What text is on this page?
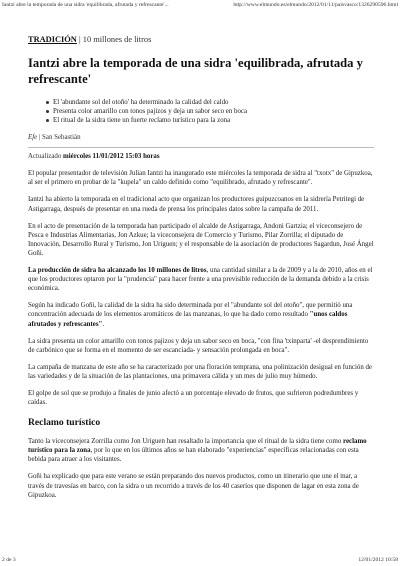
Iantzi abre la temporada de una sidra 'equilibrada, afrutada y refrescante'...	http://www.elmundo.es/elmundo/2012/01/11/paisvasco/1326290596.html
TRADICIÓN | 10 millones de litros
Iantzi abre la temporada de una sidra 'equilibrada, afrutada y refrescante'
El 'abundante sol del otoño' ha determinado la calidad del caldo
Presenta color amarillo con tonos pajizos y deja un sabor seco en boca
El ritual de la sidra tiene un fuerte reclamo turístico para la zona
Efe | San Sebastián
Actualizado miércoles 11/01/2012 15:03 horas

El popular presentador de televisión Julian Iantzi ha inaugurado este miércoles la temporada de sidra al "txotx" de Gipuzkoa, al ser el primero en probar de la "kupela" un caldo definido como "equilibrado, afrutado y refrescante".

Iantzi ha abierto la temporada en el tradicional acto que organizan los productores guipuzcoanos en la sidrería Petritegi de Astigarraga, después de presentar en una rueda de prensa los principales datos sobre la campaña de 2011.

En el acto de presentación de la temporada han participado el alcalde de Astigarraga, Andoni Gartzia; el viceconsejero de Pesca e Industrias Alimentarias, Jon Azkue; la viceconsejera de Comercio y Turismo, Pilar Zorrilla; el diputado de Innovación, Desarrollo Rural y Turismo, Jon Uriguen; y el responsable de la asociación de productores Sagardun, José Ángel Goñi.

La producción de sidra ha alcanzado los 10 millones de litros, una cantidad similar a la de 2009 y a la de 2010, años en el que los productores optaron por la "prudencia" para hacer frente a una previsible reducción de la demanda debido a la crisis económica.

Según ha indicado Goñi, la calidad de la sidra ha sido determinada por el "abundante sol del otoño", que permitió una concentración adecuada de los elementos aromáticos de las manzanas, lo que ha dado como resultado "unos caldos afrutados y refrescantes".

La sidra presenta un color amarillo con tonos pajizos y deja un sabor seco en boca, "con fina 'txinparta' -el desprendimiento de carbónico que se forma en el momento de ser escanciada- y sensación prolongada en boca".

La campaña de manzana de este año se ha caracterizado por una floración temprana, una polinización desigual en función de las variedades y de la situación de las plantaciones, una primavera cálida y un mes de julio muy húmedo.

El golpe de sol que se produjo a finales de junio afectó a un porcentaje elevado de frutos, que sufrieron podredumbres y caídas.

Reclamo turístico

Tanto la viceconsejera Zorrilla como Jon Uriguen han resaltado la importancia que el ritual de la sidra tiene como reclamo turístico para la zona, por lo que en los últimos años se han elaborado "experiencias" específicas relacionadas con esta bebida para atraer a los visitantes.

Goñi ha explicado que para este verano se están preparando dos nuevos productos, como un itinerario que une el mar, a través de travesías en barco, con la sidra o un recorrido a través de los 40 caseríos que disponen de lagar en esta zona de Gipuzkoa.

2 de 3	12/01/2012 10:58
